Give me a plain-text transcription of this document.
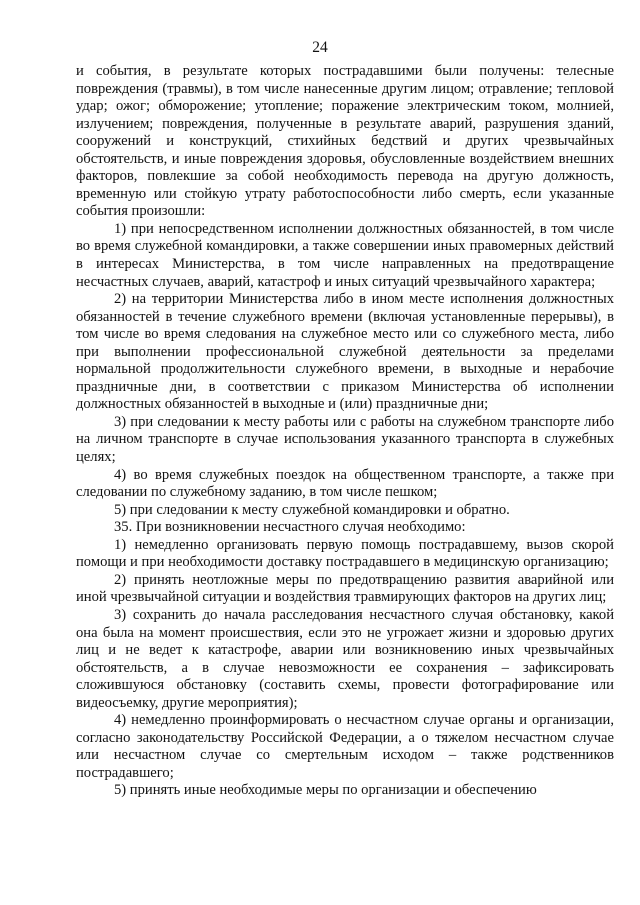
24

и события, в результате которых пострадавшими были получены: телесные повреждения (травмы), в том числе нанесенные другим лицом; отравление; тепловой удар; ожог; обморожение; утопление; поражение электрическим током, молнией, излучением; повреждения, полученные в результате аварий, разрушения зданий, сооружений и конструкций, стихийных бедствий и других чрезвычайных обстоятельств, и иные повреждения здоровья, обусловленные воздействием внешних факторов, повлекшие за собой необходимость перевода на другую должность, временную или стойкую утрату работоспособности либо смерть, если указанные события произошли:

1) при непосредственном исполнении должностных обязанностей, в том числе во время служебной командировки, а также совершении иных правомерных действий в интересах Министерства, в том числе направленных на предотвращение несчастных случаев, аварий, катастроф и иных ситуаций чрезвычайного характера;

2) на территории Министерства либо в ином месте исполнения должностных обязанностей в течение служебного времени (включая установленные перерывы), в том числе во время следования на служебное место или со служебного места, либо при выполнении профессиональной служебной деятельности за пределами нормальной продолжительности служебного времени, в выходные и нерабочие праздничные дни, в соответствии с приказом Министерства об исполнении должностных обязанностей в выходные и (или) праздничные дни;

3) при следовании к месту работы или с работы на служебном транспорте либо на личном транспорте в случае использования указанного транспорта в служебных целях;

4) во время служебных поездок на общественном транспорте, а также при следовании по служебному заданию, в том числе пешком;

5) при следовании к месту служебной командировки и обратно.

35. При возникновении несчастного случая необходимо:

1) немедленно организовать первую помощь пострадавшему, вызов скорой помощи и при необходимости доставку пострадавшего в медицинскую организацию;

2) принять неотложные меры по предотвращению развития аварийной или иной чрезвычайной ситуации и воздействия травмирующих факторов на других лиц;

3) сохранить до начала расследования несчастного случая обстановку, какой она была на момент происшествия, если это не угрожает жизни и здоровью других лиц и не ведет к катастрофе, аварии или возникновению иных чрезвычайных обстоятельств, а в случае невозможности ее сохранения – зафиксировать сложившуюся обстановку (составить схемы, провести фотографирование или видеосъемку, другие мероприятия);

4) немедленно проинформировать о несчастном случае органы и организации, согласно законодательству Российской Федерации, а о тяжелом несчастном случае или несчастном случае со смертельным исходом – также родственников пострадавшего;

5) принять иные необходимые меры по организации и обеспечению
